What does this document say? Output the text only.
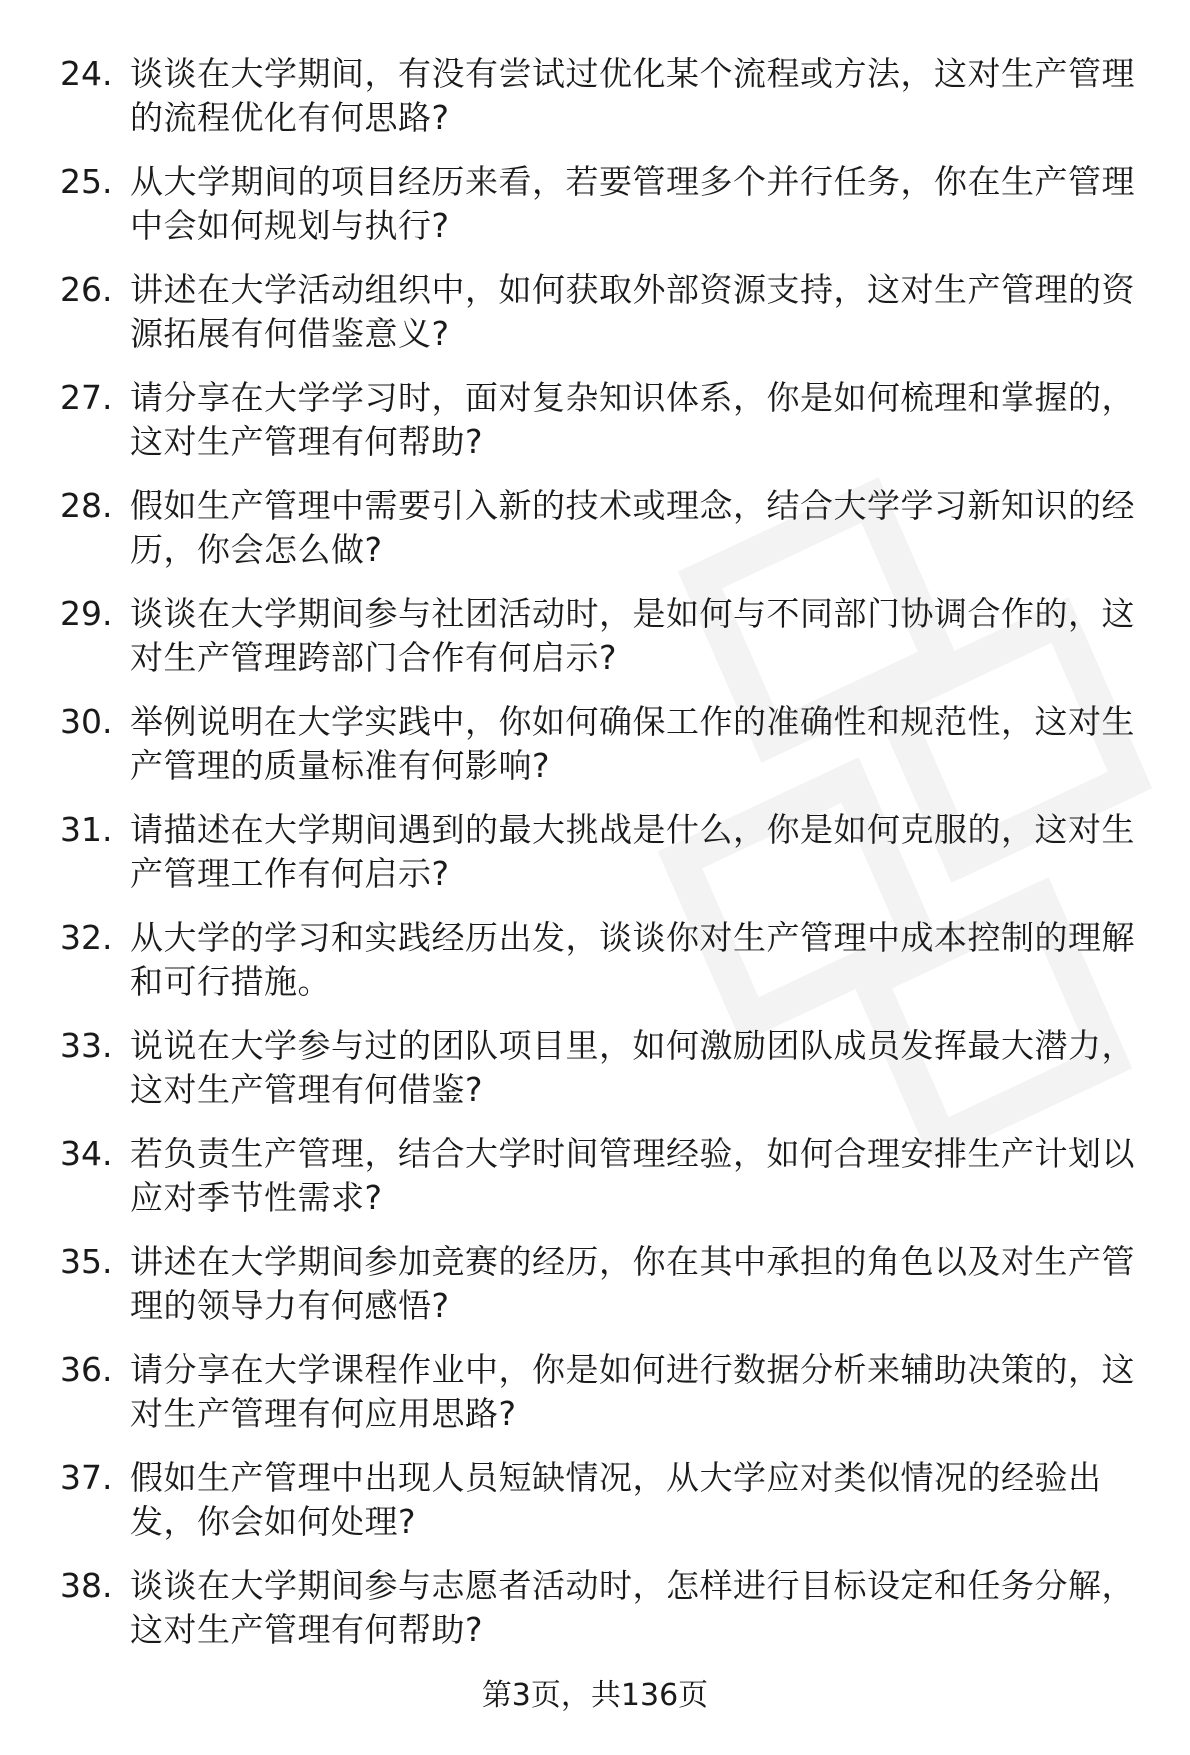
24. 谈谈在大学期间，有没有尝试过优化某个流程或方法，这对生产管理的流程优化有何思路?
25. 从大学期间的项目经历来看，若要管理多个并行任务，你在生产管理中会如何规划与执行?
26. 讲述在大学活动组织中，如何获取外部资源支持，这对生产管理的资源拓展有何借鉴意义?
27. 请分享在大学学习时，面对复杂知识体系，你是如何梳理和掌握的，这对生产管理有何帮助?
28. 假如生产管理中需要引入新的技术或理念，结合大学学习新知识的经历，你会怎么做?
29. 谈谈在大学期间参与社团活动时，是如何与不同部门协调合作的，这对生产管理跨部门合作有何启示?
30. 举例说明在大学实践中，你如何确保工作的准确性和规范性，这对生产管理的质量标准有何影响?
31. 请描述在大学期间遇到的最大挑战是什么，你是如何克服的，这对生产管理工作有何启示?
32. 从大学的学习和实践经历出发，谈谈你对生产管理中成本控制的理解和可行措施。
33. 说说在大学参与过的团队项目里，如何激励团队成员发挥最大潜力，这对生产管理有何借鉴?
34. 若负责生产管理，结合大学时间管理经验，如何合理安排生产计划以应对季节性需求?
35. 讲述在大学期间参加竞赛的经历，你在其中承担的角色以及对生产管理的领导力有何感悟?
36. 请分享在大学课程作业中，你是如何进行数据分析来辅助决策的，这对生产管理有何应用思路?
37. 假如生产管理中出现人员短缺情况，从大学应对类似情况的经验出发，你会如何处理?
38. 谈谈在大学期间参与志愿者活动时，怎样进行目标设定和任务分解，这对生产管理有何帮助?
第3页，共136页
